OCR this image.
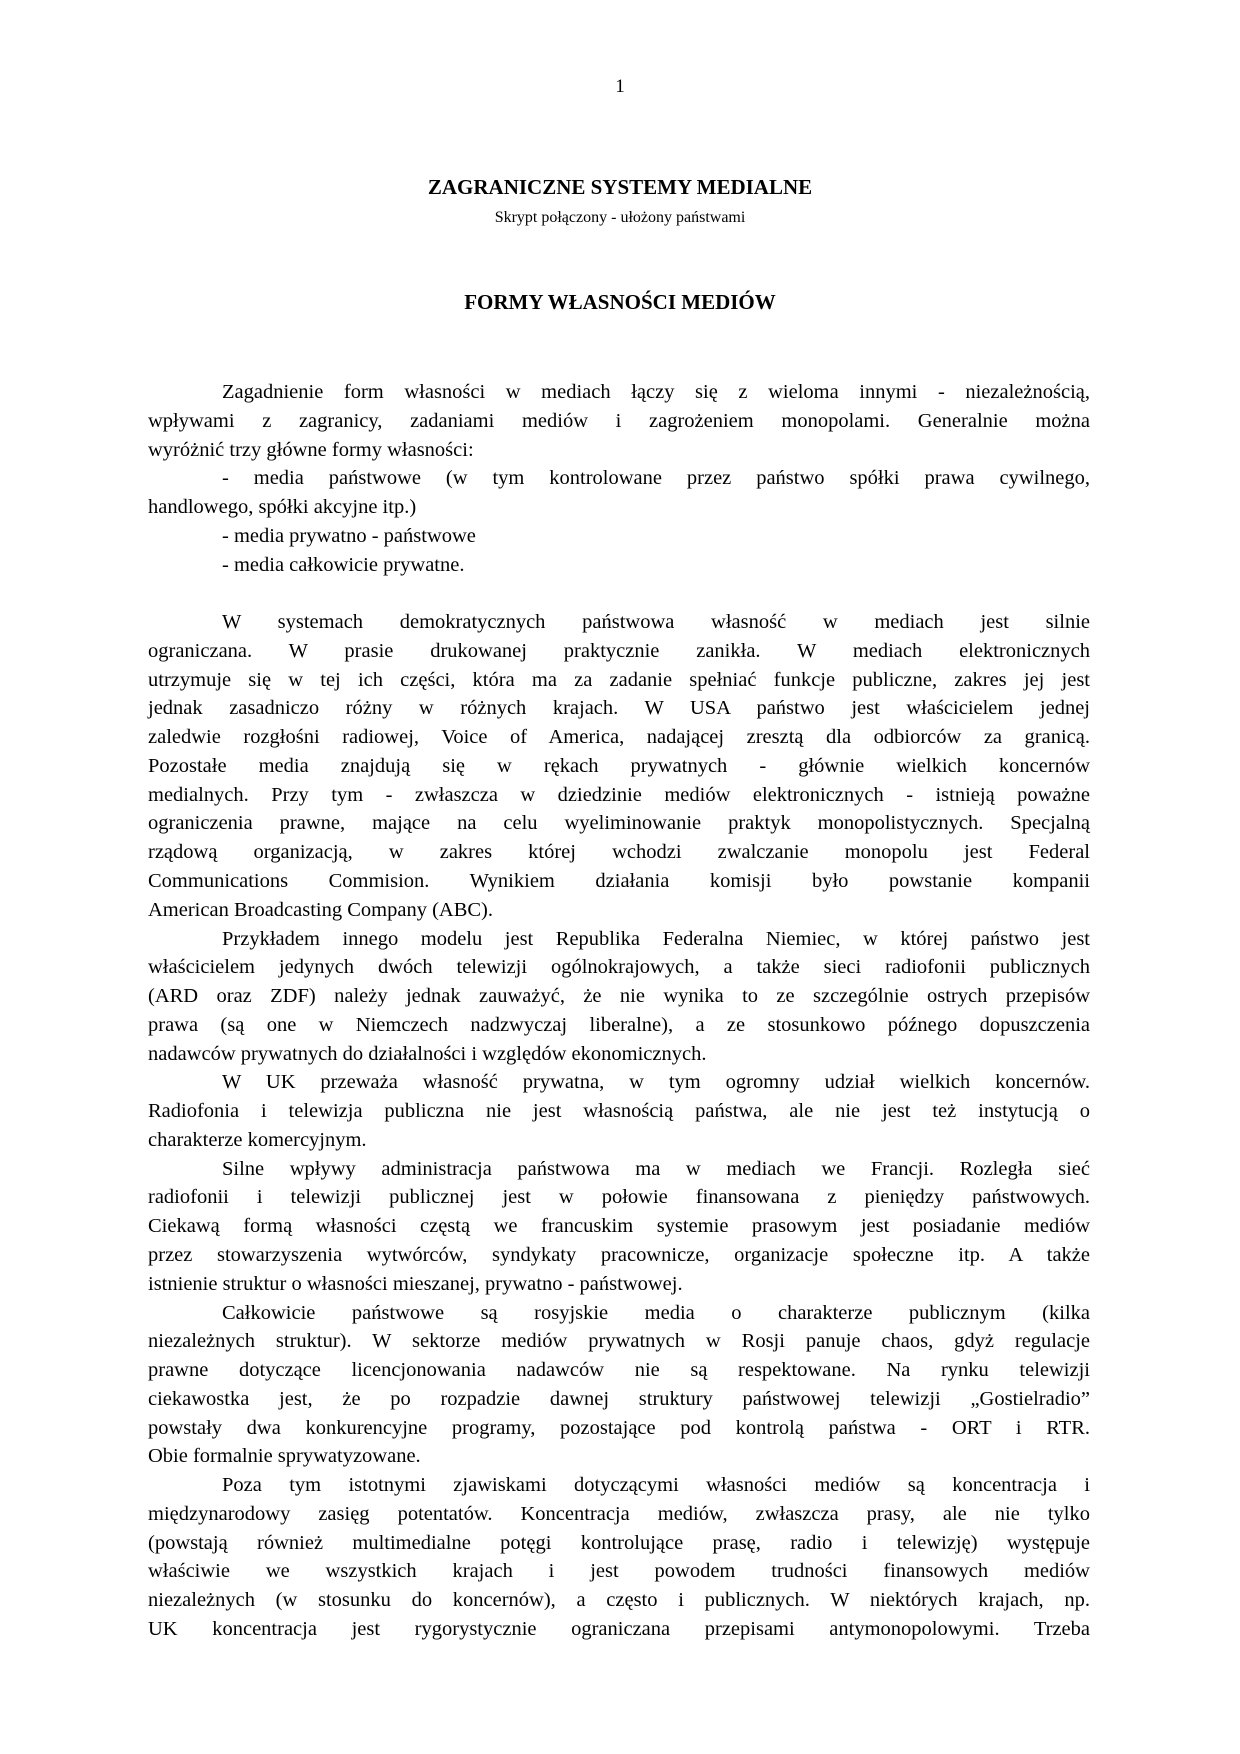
1
ZAGRANICZNE SYSTEMY MEDIALNE
Skrypt połączony - ułożony państwami
FORMY WŁASNOŚCI MEDIÓW
Zagadnienie form własności w mediach łączy się z wieloma innymi - niezależnością,
wpływami z zagranicy, zadaniami mediów i zagrożeniem monopolami. Generalnie można
wyróżnić trzy główne formy własności:
- media państwowe (w tym kontrolowane przez państwo spółki prawa cywilnego,
handlowego, spółki akcyjne itp.)
- media prywatno - państwowe
- media całkowicie prywatne.
W systemach demokratycznych państwowa własność w mediach jest silnie
ograniczana. W prasie drukowanej praktycznie zanikła. W mediach elektronicznych
utrzymuje się w tej ich części, która ma za zadanie spełniać funkcje publiczne, zakres jej jest
jednak zasadniczo różny w różnych krajach. W USA państwo jest właścicielem jednej
zaledwie rozgłośni radiowej, Voice of America, nadającej zresztą dla odbiorców za granicą.
Pozostałe media znajdują się w rękach prywatnych - głównie wielkich koncernów
medialnych. Przy tym - zwłaszcza w dziedzinie mediów elektronicznych - istnieją poważne
ograniczenia prawne, mające na celu wyeliminowanie praktyk monopolistycznych. Specjalną
rządową organizacją, w zakres której wchodzi zwalczanie monopolu jest Federal
Communications Commision. Wynikiem działania komisji było powstanie kompanii
American Broadcasting Company (ABC).
Przykładem innego modelu jest Republika Federalna Niemiec, w której państwo jest
właścicielem jedynych dwóch telewizji ogólnokrajowych, a także sieci radiofonii publicznych
(ARD oraz ZDF) należy jednak zauważyć, że nie wynika to ze szczególnie ostrych przepisów
prawa (są one w Niemczech nadzwyczaj liberalne), a ze stosunkowo późnego dopuszczenia
nadawców prywatnych do działalności i względów ekonomicznych.
W UK przeważa własność prywatna, w tym ogromny udział wielkich koncernów.
Radiofonia i telewizja publiczna nie jest własnością państwa, ale nie jest też instytucją o
charakterze komercyjnym.
Silne wpływy administracja państwowa ma w mediach we Francji. Rozległa sieć
radiofonii i telewizji publicznej jest w połowie finansowana z pieniędzy państwowych.
Ciekawą formą własności częstą we francuskim systemie prasowym jest posiadanie mediów
przez stowarzyszenia wytwórców, syndykaty pracownicze, organizacje społeczne itp. A także
istnienie struktur o własności mieszanej, prywatno - państwowej.
Całkowicie państwowe są rosyjskie media o charakterze publicznym (kilka
niezależnych struktur). W sektorze mediów prywatnych w Rosji panuje chaos, gdyż regulacje
prawne dotyczące licencjonowania nadawców nie są respektowane. Na rynku telewizji
ciekawostka jest, że po rozpadzie dawnej struktury państwowej telewizji „Gostielradio”
powstały dwa konkurencyjne programy, pozostające pod kontrolą państwa - ORT i RTR.
Obie formalnie sprywatyzowane.
Poza tym istotnymi zjawiskami dotyczącymi własności mediów są koncentracja i
międzynarodowy zasięg potentatów. Koncentracja mediów, zwłaszcza prasy, ale nie tylko
(powstają również multimedialne potęgi kontrolujące prasę, radio i telewizję) występuje
właściwie we wszystkich krajach i jest powodem trudności finansowych mediów
niezależnych (w stosunku do koncernów), a często i publicznych. W niektórych krajach, np.
UK koncentracja jest rygorystycznie ograniczana przepisami antymonopolowymi. Trzeba
